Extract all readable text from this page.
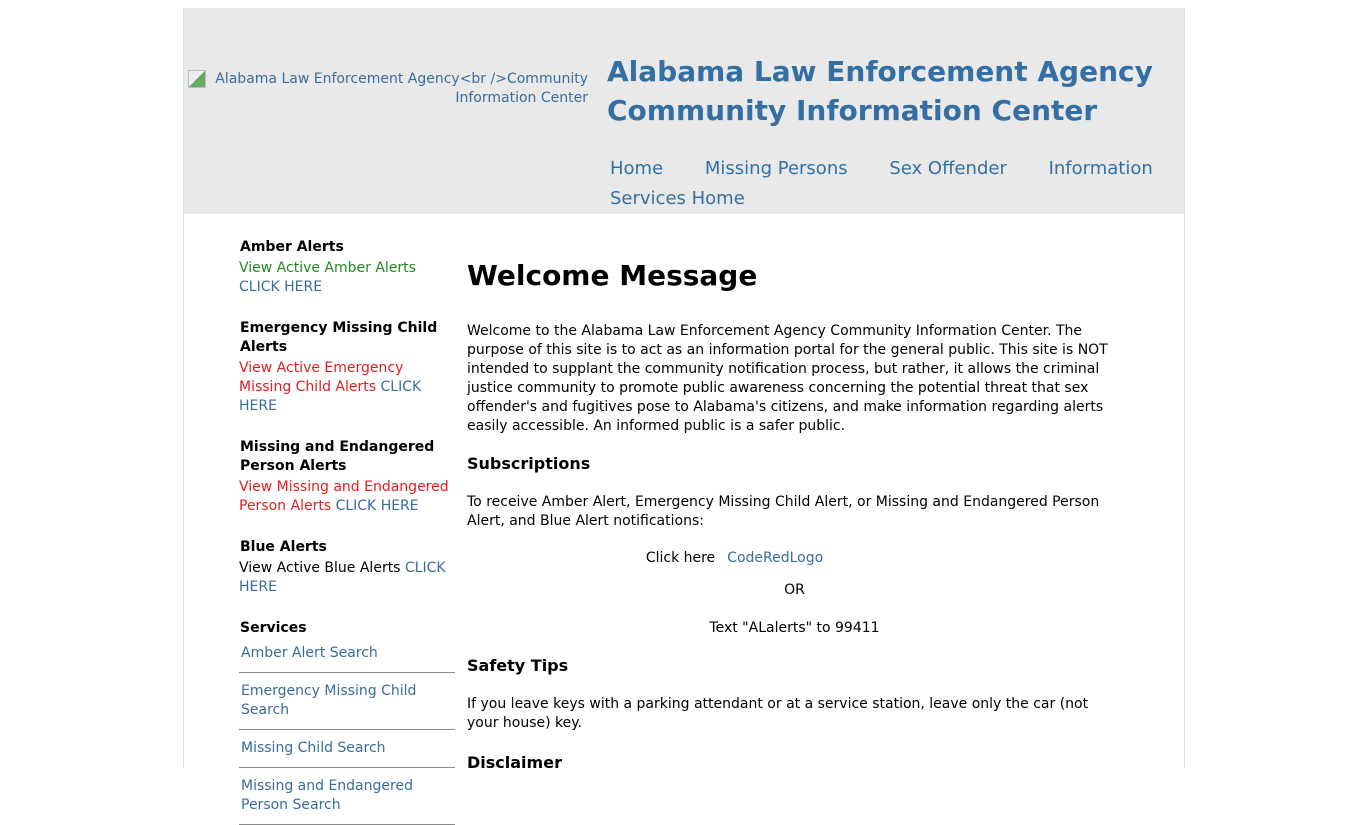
Alabama Law Enforcement Agency<br />Community Information Center
Alabama Law Enforcement Agency
Community Information Center
Home Missing Persons Sex Offender Information Services Home
Amber Alerts
View Active Amber Alerts CLICK HERE
Emergency Missing Child Alerts
View Active Emergency Missing Child Alerts CLICK HERE
Missing and Endangered Person Alerts
View Missing and Endangered Person Alerts CLICK HERE
Blue Alerts
View Active Blue Alerts CLICK HERE
Services
Amber Alert Search
Emergency Missing Child Search
Missing Child Search
Missing and Endangered Person Search
Welcome Message

Welcome to the Alabama Law Enforcement Agency Community Information Center. The purpose of this site is to act as an information portal for the general public. This site is NOT intended to supplant the community notification process, but rather, it allows the criminal justice community to promote public awareness concerning the potential threat that sex offender's and fugitives pose to Alabama's citizens, and make information regarding alerts easily accessible. An informed public is a safer public.

Subscriptions

To receive Amber Alert, Emergency Missing Child Alert, or Missing and Endangered Person Alert, and Blue Alert notifications:

Click here CodeRedLogo

OR

Text "ALalerts" to 99411

Safety Tips

If you leave keys with a parking attendant or at a service station, leave only the car (not your house) key.

Disclaimer
